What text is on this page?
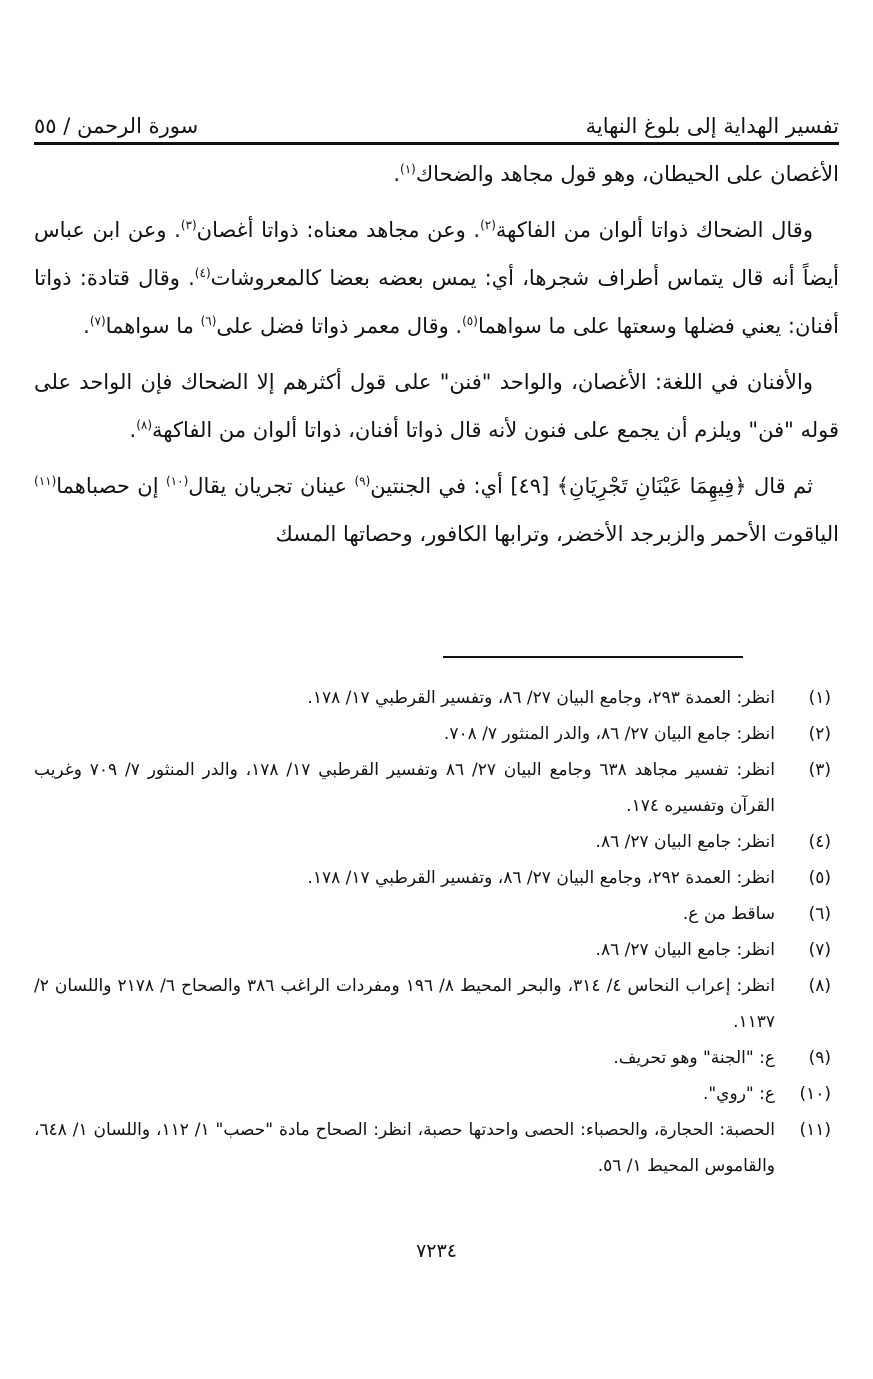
تفسير الهداية إلى بلوغ النهاية
سورة الرحمن / ٥٥

الأغصان على الحيطان، وهو قول مجاهد والضحاك$^{(١)}$.

وقال الضحاك ذواتا ألوان من الفاكهة$^{(٢)}$. وعن مجاهد معناه: ذواتا أغصان$^{(٣)}$. وعن ابن عباس أيضاً أنه قال يتماس أطراف شجرها، أي: يمس بعضه بعضا كالمعروشات$^{(٤)}$. وقال قتادة: ذواتا أفنان: يعني فضلها وسعتها على ما سواهما$^{(٥)}$. وقال معمر ذواتا فضل على$^{(٦)}$ ما سواهما$^{(٧)}$.

والأفنان في اللغة: الأغصان، والواحد "فنن" على قول أكثرهم إلا الضحاك فإن الواحد على قوله "فن" ويلزم أن يجمع على فنون لأنه قال ذواتا أفنان، ذواتا ألوان من الفاكهة$^{(٨)}$.

ثم قال ﴿فِيهِمَا عَيْنَانِ تَجْرِيَانِ﴾ [٤٩] أي: في الجنتين$^{(٩)}$ عينان تجريان يقال$^{(١٠)}$ إن حصباهما$^{(١١)}$ الياقوت الأحمر والزبرجد الأخضر، وترابها الكافور، وحصاتها المسك

(١)
انظر: العمدة ٢٩٣، وجامع البيان ٢٧/ ٨٦، وتفسير القرطبي ١٧/ ١٧٨.
(٢)
انظر: جامع البيان ٢٧/ ٨٦، والدر المنثور ٧/ ٧٠٨.
(٣)
انظر: تفسير مجاهد ٦٣٨ وجامع البيان ٢٧/ ٨٦ وتفسير القرطبي ١٧/ ١٧٨، والدر المنثور ٧/ ٧٠٩ وغريب القرآن وتفسيره ١٧٤.
(٤)
انظر: جامع البيان ٢٧/ ٨٦.
(٥)
انظر: العمدة ٢٩٢، وجامع البيان ٢٧/ ٨٦، وتفسير القرطبي ١٧/ ١٧٨.
(٦)
ساقط من ع.
(٧)
انظر: جامع البيان ٢٧/ ٨٦.
(٨)
انظر: إعراب النحاس ٤/ ٣١٤، والبحر المحيط ٨/ ١٩٦ ومفردات الراغب ٣٨٦ والصحاح ٦/ ٢١٧٨ واللسان ٢/ ١١٣٧.
(٩)
ع: "الجنة" وهو تحريف.
(١٠)
ع: "روي".
(١١)
الحصبة: الحجارة، والحصباء: الحصى واحدتها حصبة، انظر: الصحاح مادة "حصب" ١/ ١١٢، واللسان ١/ ٦٤٨، والقاموس المحيط ١/ ٥٦.
٧٢٣٤
